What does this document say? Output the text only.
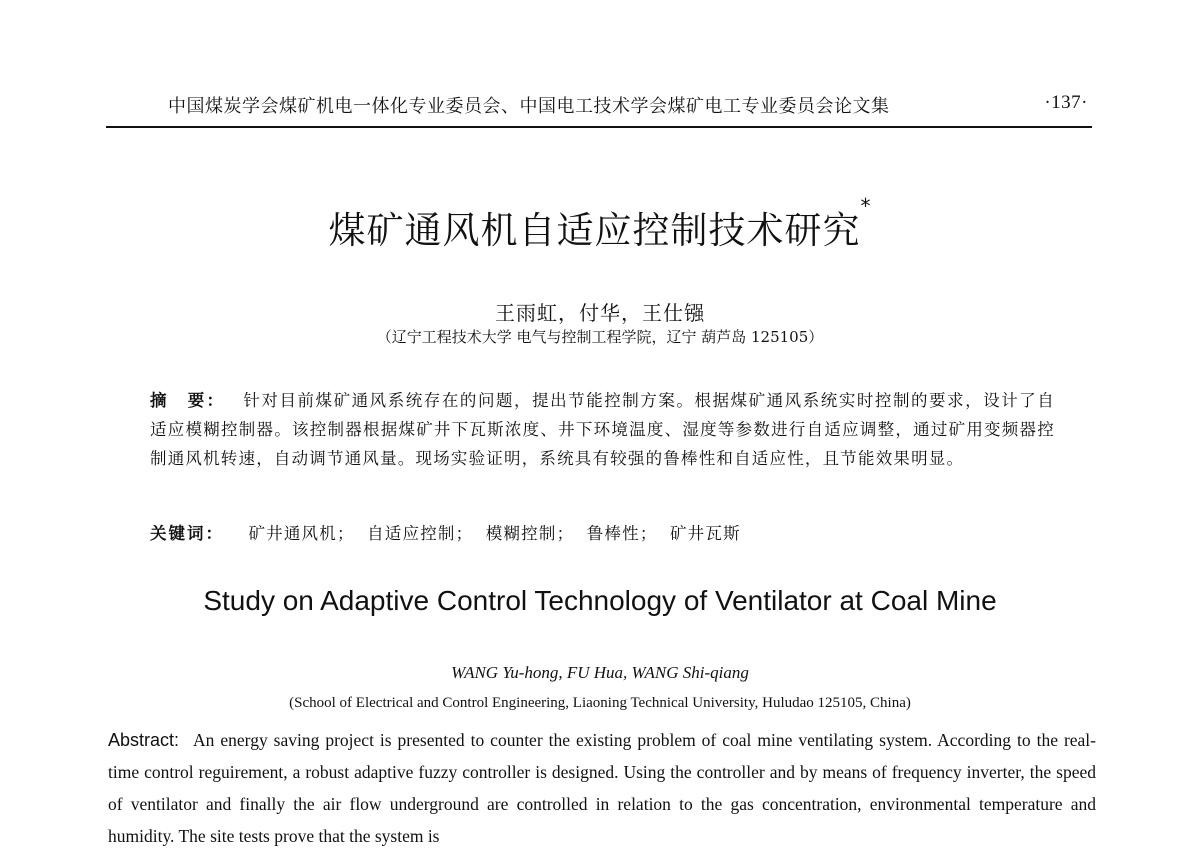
中国煤炭学会煤矿机电一体化专业委员会、中国电工技术学会煤矿电工专业委员会论文集	·137·
煤矿通风机自适应控制技术研究*
王雨虹，付华，王仕镪
（辽宁工程技术大学 电气与控制工程学院，辽宁 葫芦岛 125105）
摘　要： 针对目前煤矿通风系统存在的问题，提出节能控制方案。根据煤矿通风系统实时控制的要求，设计了自适应模糊控制器。该控制器根据煤矿井下瓦斯浓度、井下环境温度、湿度等参数进行自适应调整，通过矿用变频器控制通风机转速，自动调节通风量。现场实验证明，系统具有较强的鲁棒性和自适应性，且节能效果明显。
关键词： 矿井通风机； 自适应控制； 模糊控制； 鲁棒性； 矿井瓦斯
Study on Adaptive Control Technology of Ventilator at Coal Mine
WANG Yu-hong, FU Hua, WANG Shi-qiang
(School of Electrical and Control Engineering, Liaoning Technical University, Huludao 125105, China)
Abstract: An energy saving project is presented to counter the existing problem of coal mine ventilating system. According to the real-time control reguirement, a robust adaptive fuzzy controller is designed. Using the controller and by means of frequency inverter, the speed of ventilator and finally the air flow underground are controlled in relation to the gas concentration, environmental temperature and humidity. The site tests prove that the system is
